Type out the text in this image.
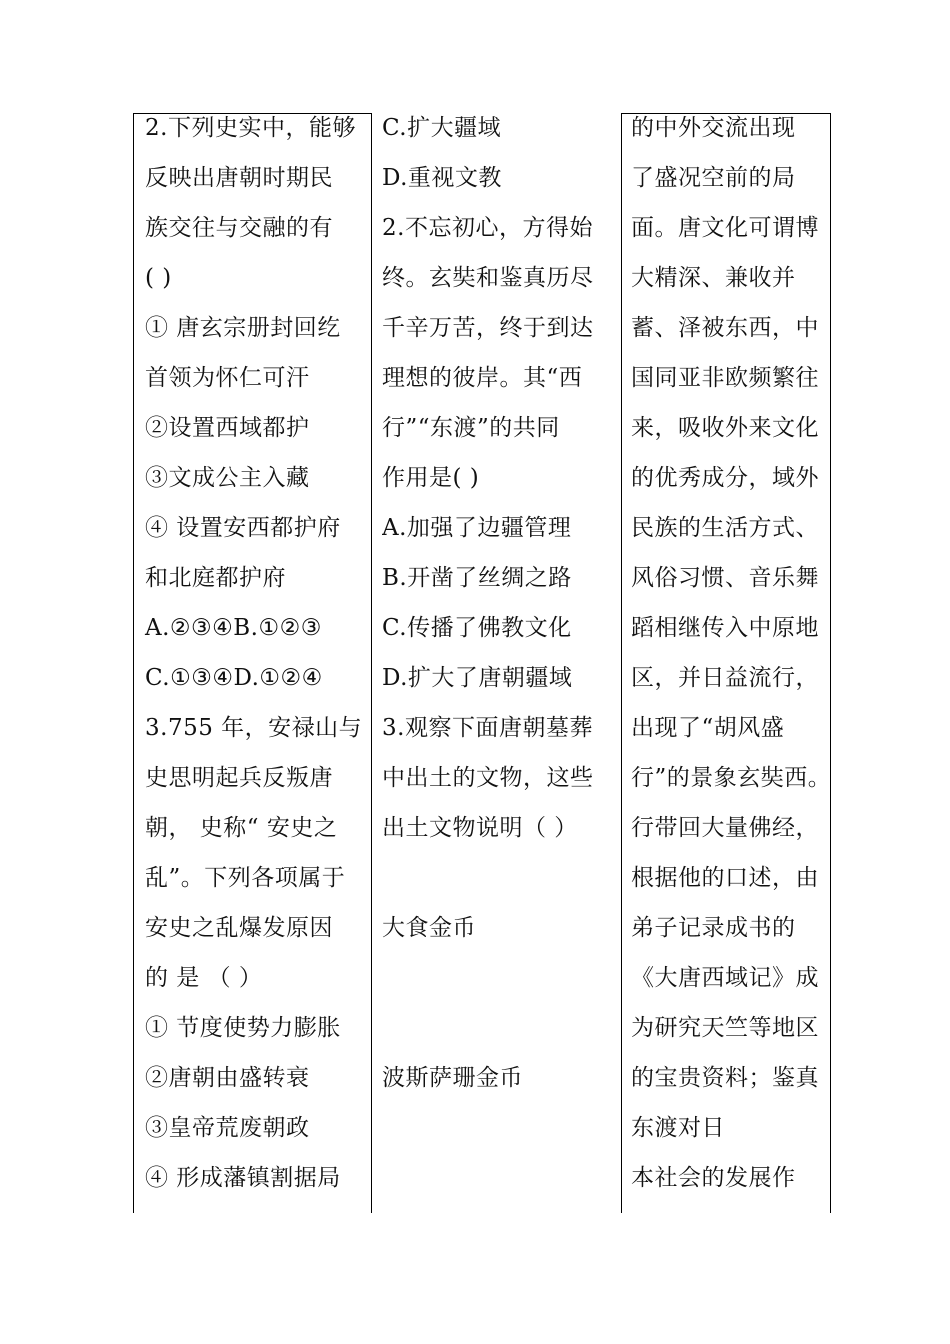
2.下列史实中，能够
反映出唐朝时期民
族交往与交融的有
( )
① 唐玄宗册封回纥
首领为怀仁可汗
②设置西域都护
③文成公主入藏
④ 设置安西都护府
和北庭都护府
A.②③④B.①②③
C.①③④D.①②④
3.755 年，安禄山与
史思明起兵反叛唐
朝， 史称“ 安史之
乱”。下列各项属于
安史之乱爆发原因
的 是 （ ）
① 节度使势力膨胀
②唐朝由盛转衰
③皇帝荒废朝政
④ 形成藩镇割据局
C.扩大疆域
D.重视文教
2.不忘初心，方得始
终。玄奘和鉴真历尽
千辛万苦，终于到达
理想的彼岸。其“西
行”“东渡”的共同
作用是( )
A.加强了边疆管理
B.开凿了丝绸之路
C.传播了佛教文化
D.扩大了唐朝疆域
3.观察下面唐朝墓葬
中出土的文物，这些
出土文物说明（ ）
大食金币
波斯萨珊金币
的中外交流出现
了盛况空前的局
面。唐文化可谓博
大精深、兼收并
蓄、泽被东西，中
国同亚非欧频繁往
来，吸收外来文化
的优秀成分，域外
民族的生活方式、
风俗习惯、音乐舞
蹈相继传入中原地
区，并日益流行，
出现了“胡风盛
行”的景象玄奘西。
行带回大量佛经，
根据他的口述，由
弟子记录成书的
《大唐西域记》成
为研究天竺等地区
的宝贵资料；鉴真
东渡对日
本社会的发展作
